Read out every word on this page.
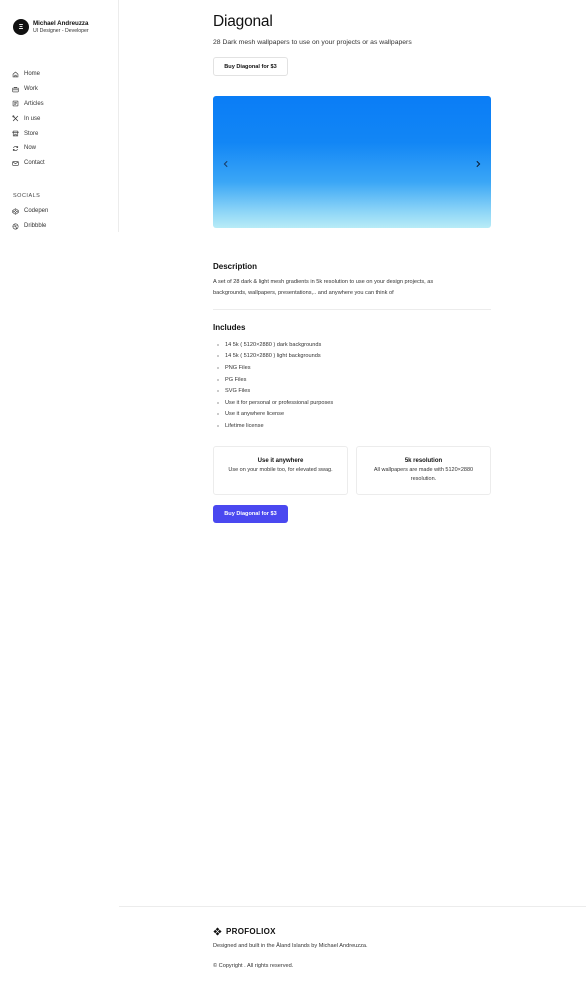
Ξ
Michael Andreuzza
UI Designer - Developer
Home
Work
Articles
In use
Store
Now
Contact
SOCIALS
Codepen
Dribbble
Diagonal

28 Dark mesh wallpapers to use on your projects or as wallpapers

Buy Diagonal for $3
Description

A set of 28 dark & light mesh gradients in 5k resolution to use on your design projects, as backgrounds, wallpapers, presentations,.. and anywhere you can think of

Includes
14 5k ( 5120×2880 ) dark backgrounds
14 5k ( 5120×2880 ) light backgrounds
PNG Files
PG Files
SVG Files
Use it for personal or professional purposes
Use it anywhere license
Lifetime license
Use it anywhere
Use on your mobile too, for elevated swag.
5k resolution
All wallpapers are made with 5120×2880 resolution.
Buy Diagonal for $3
PROFOLIOX

Designed and built in the Åland Islands by Michael Andreuzza.

© Copyright . All rights reserved.
